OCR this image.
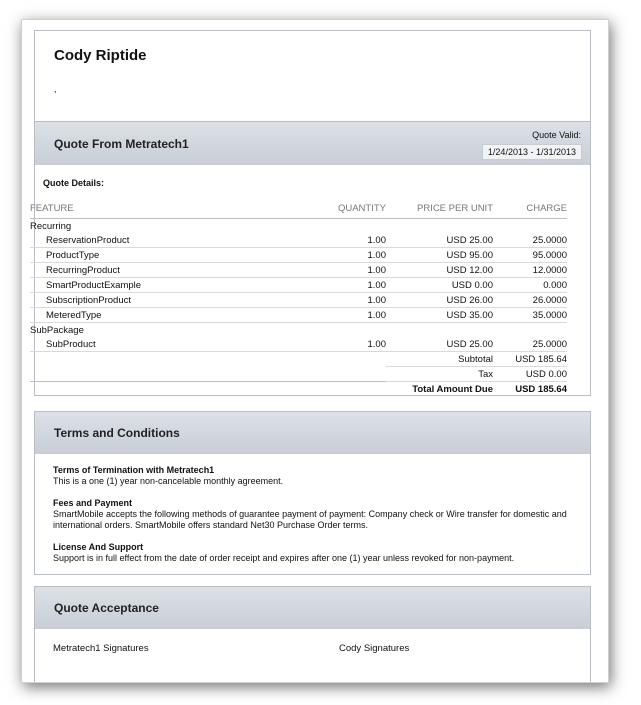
Cody Riptide
,
Quote From Metratech1
Quote Valid:
1/24/2013 - 1/31/2013
Quote Details:
FEATURE	QUANTITY	PRICE PER UNIT	CHARGE
Recurring			
ReservationProduct	1.00	USD 25.00	25.0000
ProductType	1.00	USD 95.00	95.0000
RecurringProduct	1.00	USD 12.00	12.0000
SmartProductExample	1.00	USD 0.00	0.000
SubscriptionProduct	1.00	USD 26.00	26.0000
MeteredType	1.00	USD 35.00	35.0000
SubPackage			
SubProduct	1.00	USD 25.00	25.0000
		Subtotal	USD 185.64
		Tax	USD 0.00
		Total Amount Due	USD 185.64
Terms and Conditions

Terms of Termination with Metratech1

This is a one (1) year non-cancelable monthly agreement.

Fees and Payment

SmartMobile accepts the following methods of guarantee payment of payment: Company check or Wire transfer for domestic and international orders. SmartMobile offers standard Net30 Purchase Order terms.

License And Support

Support is in full effect from the date of order receipt and expires after one (1) year unless revoked for non-payment.

Quote Acceptance
Metratech1 Signatures	Cody Signatures
